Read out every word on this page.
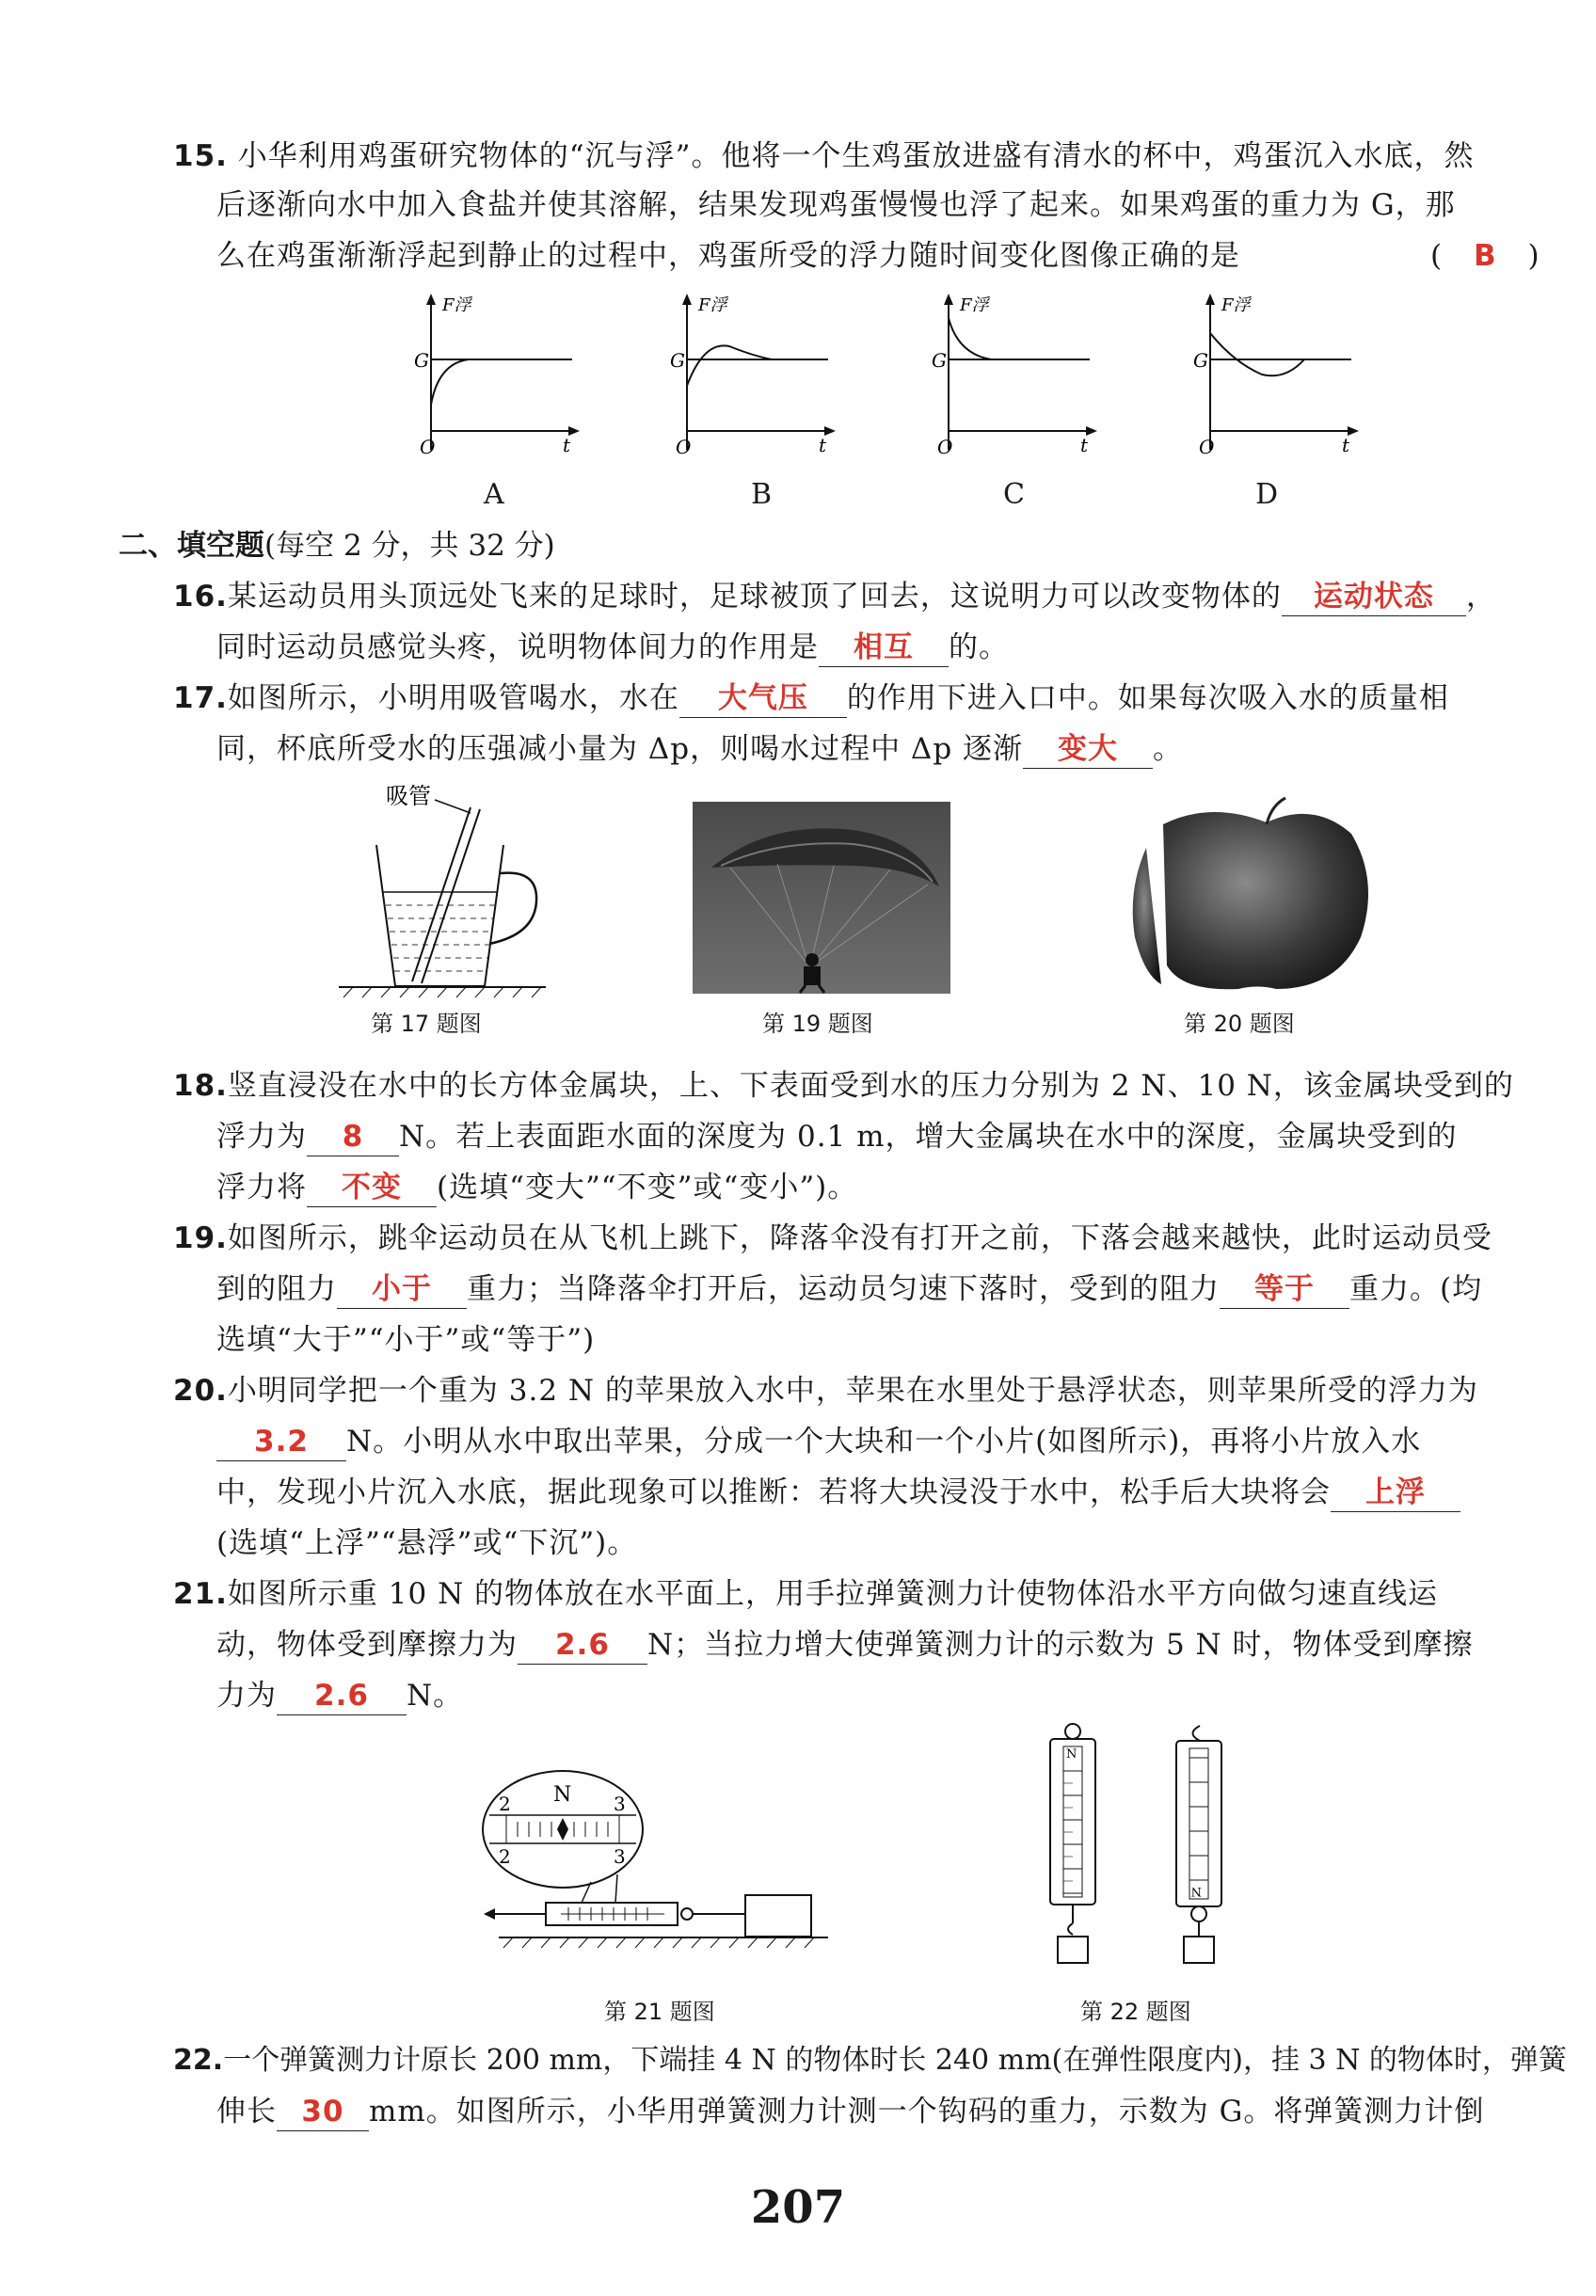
15. 小华利用鸡蛋研究物体的“沉与浮”。他将一个生鸡蛋放进盛有清水的杯中，鸡蛋沉入水底，然
后逐渐向水中加入食盐并使其溶解，结果发现鸡蛋慢慢也浮了起来。如果鸡蛋的重力为 G，那
么在鸡蛋渐渐浮起到静止的过程中，鸡蛋所受的浮力随时间变化图像正确的是	( B )
F浮
G
O	t
F浮
G
O	t
F浮
G
O	t
F浮
G
O	t
A	B	C	D
二、填空题(每空 2 分，共 32 分)
16.某运动员用头顶远处飞来的足球时，足球被顶了回去，这说明力可以改变物体的 运动状态 ，
同时运动员感觉头疼，说明物体间力的作用是 相互 的。
17.如图所示，小明用吸管喝水，水在 大气压 的作用下进入口中。如果每次吸入水的质量相
同，杯底所受水的压强减小量为 Δp，则喝水过程中 Δp 逐渐 变大 。
吸管
第 17 题图	第 19 题图	第 20 题图
18.竖直浸没在水中的长方体金属块，上、下表面受到水的压力分别为 2 N、10 N，该金属块受到的
浮力为 8 N。若上表面距水面的深度为 0.1 m，增大金属块在水中的深度，金属块受到的
浮力将 不变 (选填“变大”“不变”或“变小”)。
19.如图所示，跳伞运动员在从飞机上跳下，降落伞没有打开之前，下落会越来越快，此时运动员受
到的阻力 小于 重力；当降落伞打开后，运动员匀速下落时，受到的阻力 等于 重力。(均
选填“大于”“小于”或“等于”)
20.小明同学把一个重为 3.2 N 的苹果放入水中，苹果在水里处于悬浮状态，则苹果所受的浮力为
3.2 N。小明从水中取出苹果，分成一个大块和一个小片(如图所示)，再将小片放入水
中，发现小片沉入水底，据此现象可以推断：若将大块浸没于水中，松手后大块将会 上浮
(选填“上浮”“悬浮”或“下沉”)。
21.如图所示重 10 N 的物体放在水平面上，用手拉弹簧测力计使物体沿水平方向做匀速直线运
动，物体受到摩擦力为 2.6 N；当拉力增大使弹簧测力计的示数为 5 N 时，物体受到摩擦
力为 2.6 N。
2 N 3
2	3
第 21 题图
N
N
第 22 题图
22.一个弹簧测力计原长 200 mm，下端挂 4 N 的物体时长 240 mm(在弹性限度内)，挂 3 N 的物体时，弹簧
伸长 30 mm。如图所示，小华用弹簧测力计测一个钩码的重力，示数为 G。将弹簧测力计倒
207
